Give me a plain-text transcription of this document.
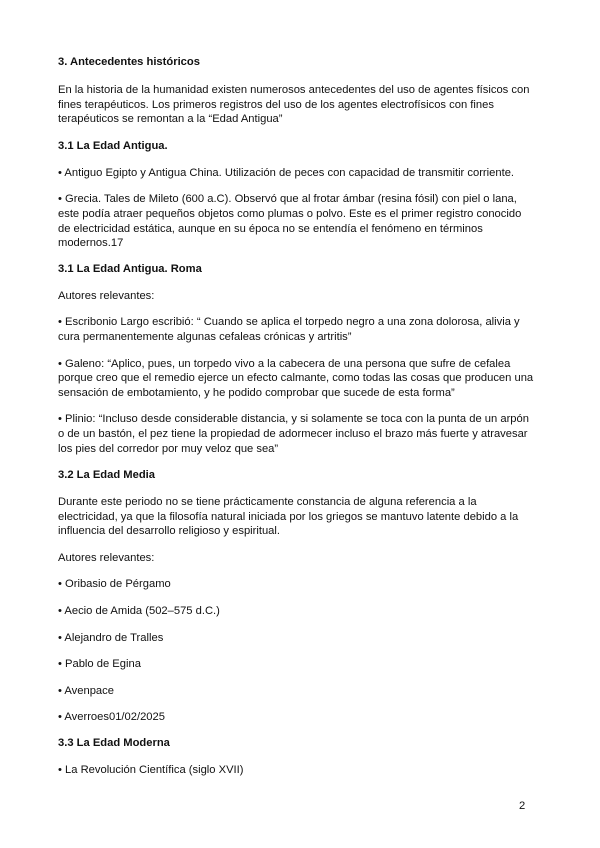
3. Antecedentes históricos

En la historia de la humanidad existen numerosos antecedentes del uso de agentes físicos con fines terapéuticos. Los primeros registros del uso de los agentes electrofísicos con fines terapéuticos se remontan a la “Edad Antigua”

3.1 La Edad Antigua.

• Antiguo Egipto y Antigua China. Utilización de peces con capacidad de transmitir corriente.

• Grecia. Tales de Mileto (600 a.C). Observó que al frotar ámbar (resina fósil) con piel o lana, este podía atraer pequeños objetos como plumas o polvo. Este es el primer registro conocido de electricidad estática, aunque en su época no se entendía el fenómeno en términos modernos.17

3.1 La Edad Antigua. Roma

Autores relevantes:

• Escribonio Largo escribió: “ Cuando se aplica el torpedo negro a una zona dolorosa, alivia y cura permanentemente algunas cefaleas crónicas y artritis”

• Galeno: “Aplico, pues, un torpedo vivo a la cabecera de una persona que sufre de cefalea porque creo que el remedio ejerce un efecto calmante, como todas las cosas que producen una sensación de embotamiento, y he podido comprobar que sucede de esta forma”

• Plinio: “Incluso desde considerable distancia, y si solamente se toca con la punta de un arpón o de un bastón, el pez tiene la propiedad de adormecer incluso el brazo más fuerte y atravesar los pies del corredor por muy veloz que sea”

3.2 La Edad Media

Durante este periodo no se tiene prácticamente constancia de alguna referencia a la electricidad, ya que la filosofía natural iniciada por los griegos se mantuvo latente debido a la influencia del desarrollo religioso y espiritual.

Autores relevantes:

• Oribasio de Pérgamo

• Aecio de Amida (502–575 d.C.)

• Alejandro de Tralles

• Pablo de Egina

• Avenpace

• Averroes01/02/2025

3.3 La Edad Moderna

• La Revolución Científica (siglo XVII)

2
